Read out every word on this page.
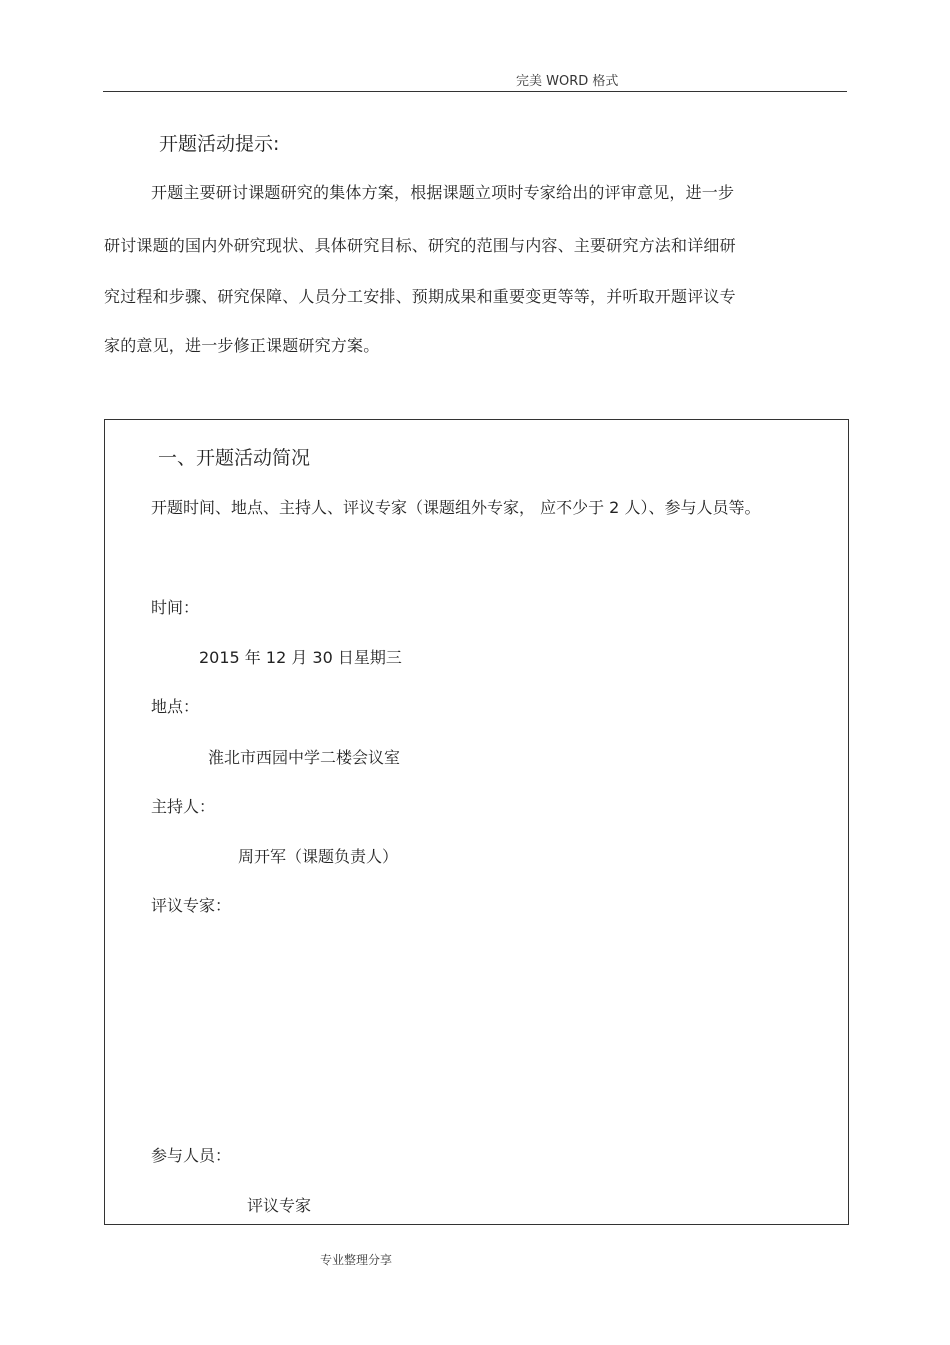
完美 WORD 格式
开题活动提示:
开题主要研讨课题研究的集体方案，根据课题立项时专家给出的评审意见，进一步
研讨课题的国内外研究现状、具体研究目标、研究的范围与内容、主要研究方法和详细研
究过程和步骤、研究保障、人员分工安排、预期成果和重要变更等等，并听取开题评议专
家的意见，进一步修正课题研究方案。
一、开题活动简况
开题时间、地点、主持人、评议专家（课题组外专家， 应不少于 2 人）、参与人员等。
时间：
2015 年 12 月 30 日星期三
地点：
淮北市西园中学二楼会议室
主持人：
周开军（课题负责人）
评议专家：
参与人员：
评议专家
专业整理分享
